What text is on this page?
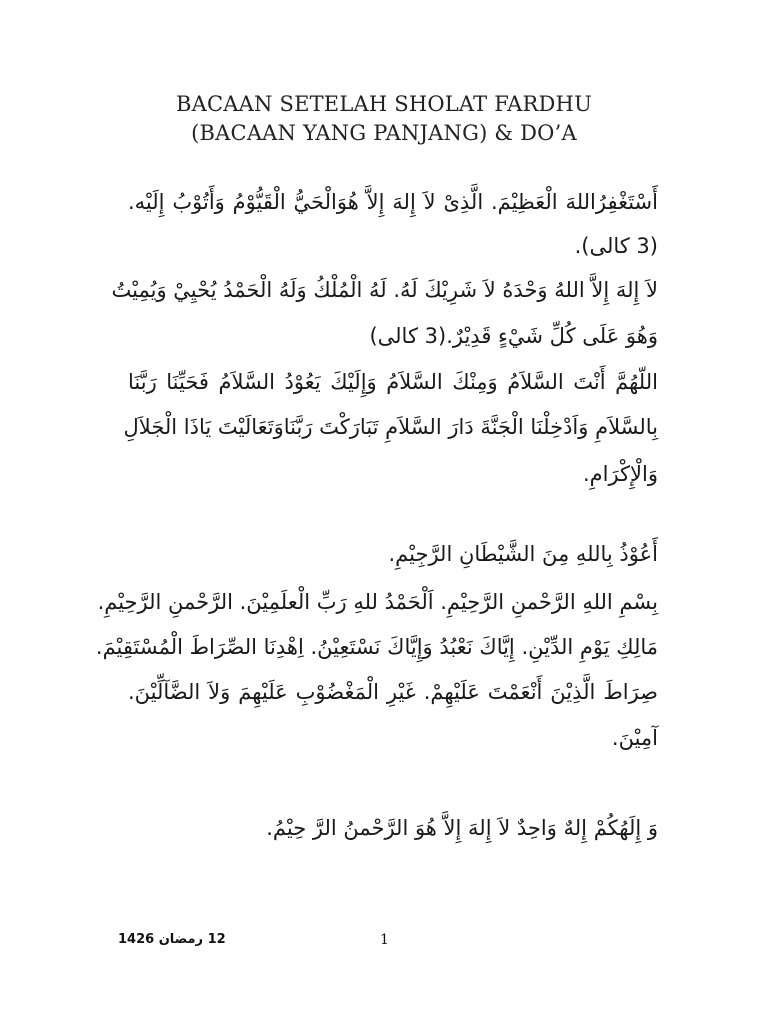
BACAAN SETELAH SHOLAT FARDHU
(BACAAN YANG PANJANG) & DO’A
أَسْتَغْفِرُاللهَ الْعَظِيْمَ. الَّذِىْ لاَ إِلهَ إِلاَّ هُوَالْحَيُّ الْقَيُّوْمُ وَأَتُوْبُ إِلَيْه.
(3 كالى).
لاَ إِلهَ إِلاَّ اللهُ وَحْدَهُ لاَ شَرِيْكَ لَهُ. لَهُ الْمُلْكُ وَلَهُ الْحَمْدُ يُحْيِيْ وَيُمِيْتُ
وَهُوَ عَلَى كُلِّ شَيْءٍ قَدِيْرٌ.(3 كالى)
اللّهُمَّ أَنْتَ السَّلاَمُ وَمِنْكَ السَّلاَمُ وَإِلَيْكَ يَعُوْدُ السَّلاَمُ فَحَيِّنَا رَبَّنَا
بِالسَّلاَمِ وَاَدْخِلْنَا الْجَنَّةَ دَارَ السَّلاَمِ تَبَارَكْتَ رَبَّنَاوَتَعَالَيْتَ يَاذَا الْجَلاَلِ
وَالْإِكْرَامِ.
أَعُوْذُ بِاللهِ مِنَ الشَّيْطَانِ الرَّجِيْمِ.
بِسْمِ اللهِ الرَّحْمنِ الرَّحِيْمِ. اَلْحَمْدُ للهِ رَبِّ الْعلَمِيْنَ. الرَّحْمنِ الرَّحِيْمِ.
مَالِكِ يَوْمِ الدِّيْنِ. إِيَّاكَ نَعْبُدُ وَإِيَّاكَ نَسْتَعِيْنُ. اِهْدِنَا الصِّرَاطَ الْمُسْتَقِيْمَ.
صِرَاطَ الَّذِيْنَ أَنْعَمْتَ عَلَيْهِمْ. غَيْرِ الْمَغْضُوْبِ عَلَيْهِمَ وَلاَ الضَّآلِّيْنَ.
آمِيْنَ.
وَ إِلَهُكُمْ إِلهٌ وَاحِدٌ لاَ إِلهَ إِلاَّ هُوَ الرَّحْمنُ الرَّ حِيْمُ.
12 رمضان 1426	1
